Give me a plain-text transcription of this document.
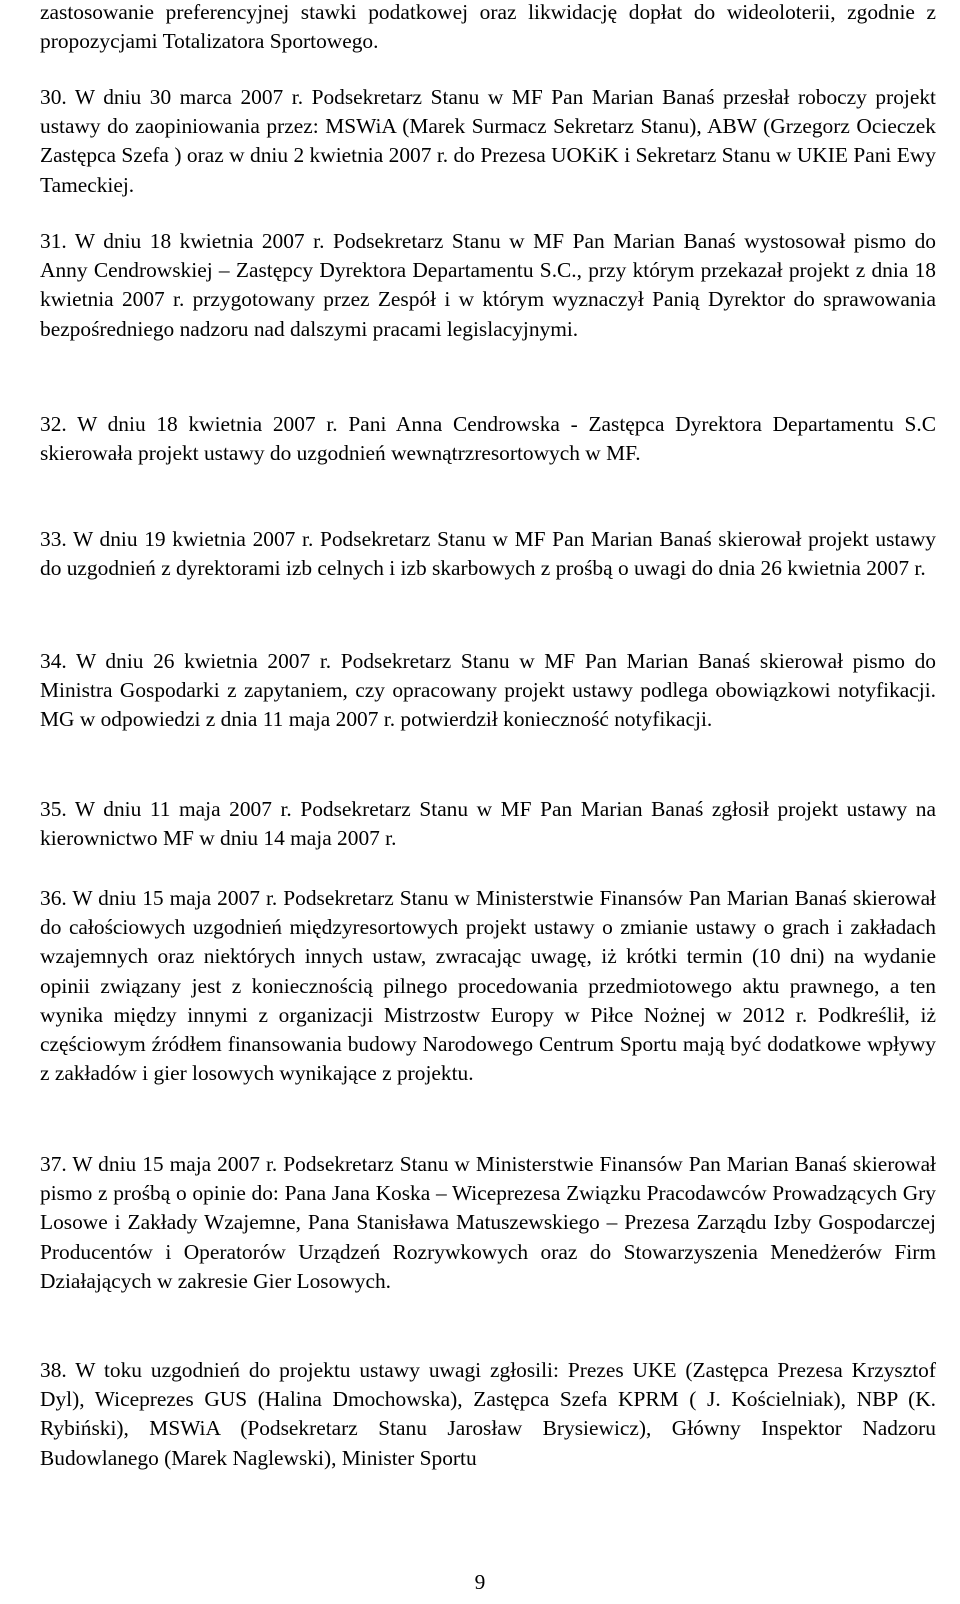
zastosowanie preferencyjnej stawki podatkowej oraz likwidację dopłat do wideoloterii, zgodnie z propozycjami Totalizatora Sportowego.
30. W dniu 30 marca 2007 r. Podsekretarz Stanu w MF Pan Marian Banaś przesłał roboczy projekt ustawy do zaopiniowania przez: MSWiA (Marek Surmacz Sekretarz Stanu), ABW (Grzegorz Ocieczek Zastępca Szefa ) oraz w dniu 2 kwietnia 2007 r. do Prezesa UOKiK i Sekretarz Stanu w UKIE Pani Ewy Tameckiej.
31. W dniu 18 kwietnia 2007 r. Podsekretarz Stanu w MF Pan Marian Banaś wystosował pismo do Anny Cendrowskiej – Zastępcy Dyrektora Departamentu S.C., przy którym przekazał projekt z dnia 18 kwietnia 2007 r. przygotowany przez Zespół i w którym wyznaczył Panią Dyrektor do sprawowania bezpośredniego nadzoru nad dalszymi pracami legislacyjnymi.
32. W dniu 18 kwietnia 2007 r. Pani Anna Cendrowska - Zastępca Dyrektora Departamentu S.C skierowała projekt ustawy do uzgodnień wewnątrzresortowych w MF.
33. W dniu 19 kwietnia 2007 r. Podsekretarz Stanu w MF Pan Marian Banaś skierował projekt ustawy do uzgodnień z dyrektorami izb celnych i izb skarbowych z prośbą o uwagi do dnia 26 kwietnia 2007 r.
34. W dniu 26 kwietnia 2007 r. Podsekretarz Stanu w MF Pan Marian Banaś skierował pismo do Ministra Gospodarki z zapytaniem, czy opracowany projekt ustawy podlega obowiązkowi notyfikacji. MG w odpowiedzi z dnia 11 maja 2007 r. potwierdził konieczność notyfikacji.
35. W dniu 11 maja 2007 r. Podsekretarz Stanu w MF Pan Marian Banaś zgłosił projekt ustawy na kierownictwo MF w dniu 14 maja 2007 r.
36. W dniu 15 maja 2007 r. Podsekretarz Stanu w Ministerstwie Finansów Pan Marian Banaś skierował do całościowych uzgodnień międzyresortowych projekt ustawy o zmianie ustawy o grach i zakładach wzajemnych oraz niektórych innych ustaw, zwracając uwagę, iż krótki termin (10 dni) na wydanie opinii związany jest z koniecznością pilnego procedowania przedmiotowego aktu prawnego, a ten wynika między innymi z organizacji Mistrzostw Europy w Piłce Nożnej w 2012 r. Podkreślił, iż częściowym źródłem finansowania budowy Narodowego Centrum Sportu mają być dodatkowe wpływy z zakładów i gier losowych wynikające z projektu.
37. W dniu 15 maja 2007 r. Podsekretarz Stanu w Ministerstwie Finansów Pan Marian Banaś skierował pismo z prośbą o opinie do: Pana Jana Koska – Wiceprezesa Związku Pracodawców Prowadzących Gry Losowe i Zakłady Wzajemne, Pana Stanisława Matuszewskiego – Prezesa Zarządu Izby Gospodarczej Producentów i Operatorów Urządzeń Rozrywkowych oraz do Stowarzyszenia Menedżerów Firm Działających w zakresie Gier Losowych.
38. W toku uzgodnień do projektu ustawy uwagi zgłosili: Prezes UKE (Zastępca Prezesa Krzysztof Dyl), Wiceprezes GUS (Halina Dmochowska), Zastępca Szefa KPRM ( J. Kościelniak), NBP (K. Rybiński), MSWiA (Podsekretarz Stanu Jarosław Brysiewicz), Główny Inspektor Nadzoru Budowlanego (Marek Naglewski), Minister Sportu
9
